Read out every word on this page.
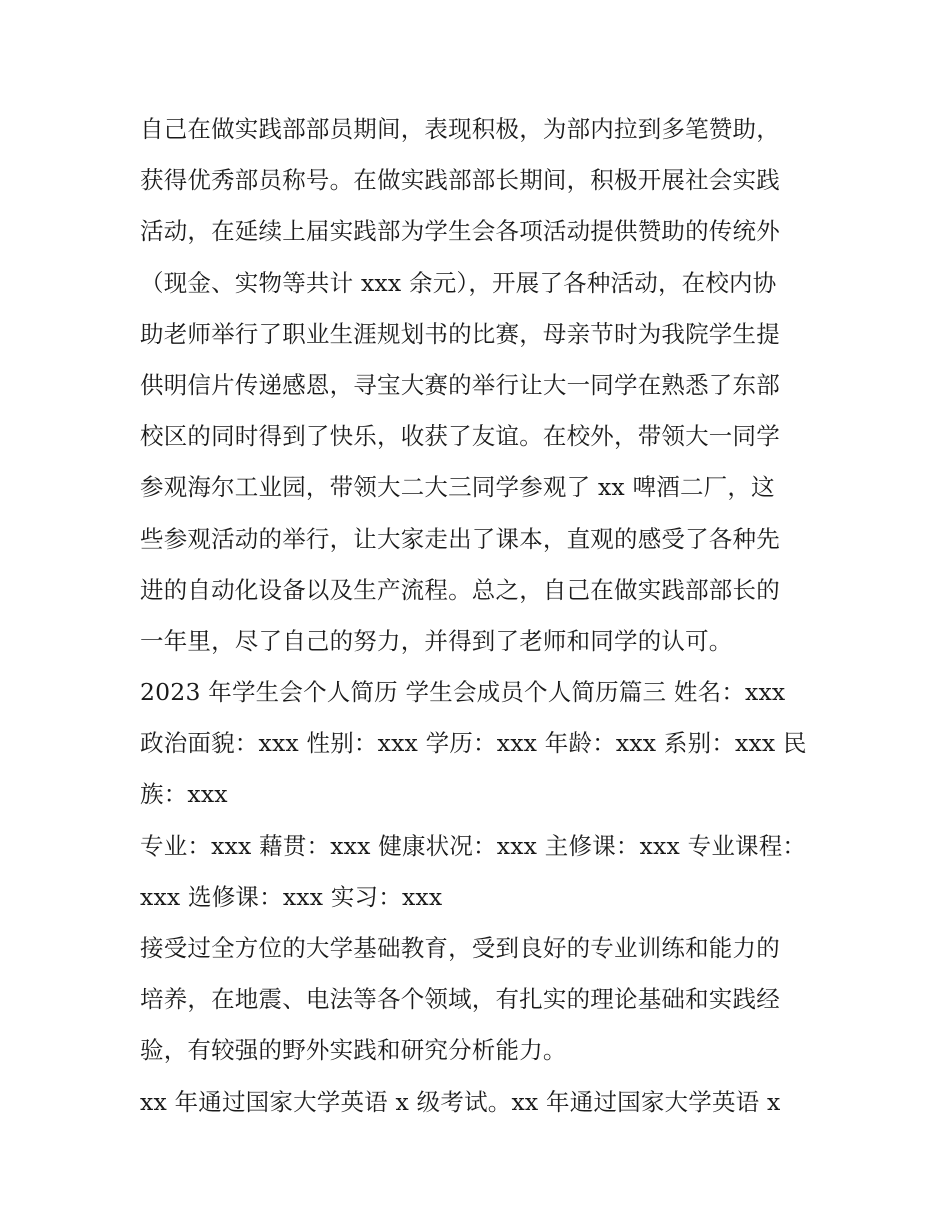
自己在做实践部部员期间，表现积极，为部内拉到多笔赞助，
获得优秀部员称号。在做实践部部长期间，积极开展社会实践
活动，在延续上届实践部为学生会各项活动提供赞助的传统外
（现金、实物等共计 xxx 余元），开展了各种活动，在校内协
助老师举行了职业生涯规划书的比赛，母亲节时为我院学生提
供明信片传递感恩，寻宝大赛的举行让大一同学在熟悉了东部
校区的同时得到了快乐，收获了友谊。在校外，带领大一同学
参观海尔工业园，带领大二大三同学参观了 xx 啤酒二厂，这
些参观活动的举行，让大家走出了课本，直观的感受了各种先
进的自动化设备以及生产流程。总之，自己在做实践部部长的
一年里，尽了自己的努力，并得到了老师和同学的认可。
2023 年学生会个人简历 学生会成员个人简历篇三 姓名：xxx
政治面貌：xxx 性别：xxx 学历：xxx 年龄：xxx 系别：xxx 民
族：xxx
专业：xxx 藉贯：xxx 健康状况：xxx 主修课：xxx 专业课程：
xxx 选修课：xxx 实习：xxx
接受过全方位的大学基础教育，受到良好的专业训练和能力的
培养，在地震、电法等各个领域，有扎实的理论基础和实践经
验，有较强的野外实践和研究分析能力。
xx 年通过国家大学英语 x 级考试。xx 年通过国家大学英语 x
